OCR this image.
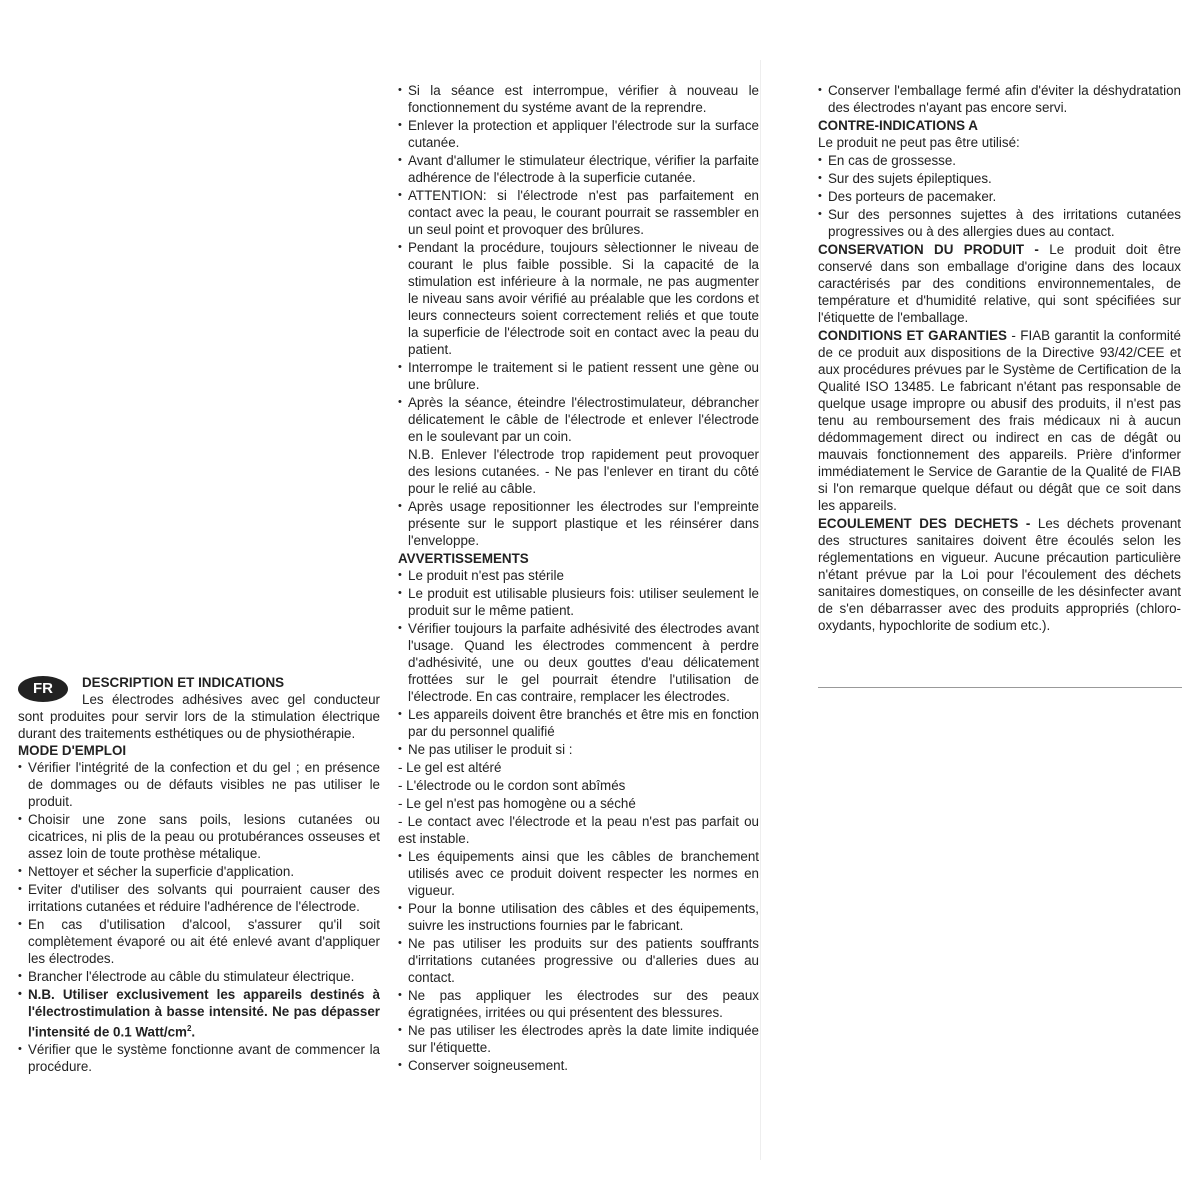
FR	DESCRIPTION ET INDICATIONS

Les électrodes adhésives avec gel conducteur sont produites pour servir lors de la stimulation électrique durant des traitements esthétiques ou de physiothérapie.

MODE D'EMPLOI
• Vérifier l'intégrité de la confection et du gel ; en présence de dommages ou de défauts visibles ne pas utiliser le produit.
• Choisir une zone sans poils, lesions cutanées ou cicatrices, ni plis de la peau ou protubérances osseuses et assez loin de toute prothèse métalique.
• Nettoyer et sécher la superficie d'application.
• Eviter d'utiliser des solvants qui pourraient causer des irritations cutanées et réduire l'adhérence de l'électrode.
• En cas d'utilisation d'alcool, s'assurer qu'il soit complètement évaporé ou ait été enlevé avant d'appliquer les électrodes.
• Brancher l'électrode au câble du stimulateur électrique.
• N.B. Utiliser exclusivement les appareils destinés à l'électrostimulation à basse intensité. Ne pas dépasser l'intensité de 0.1 Watt/$cm^2$.
• Vérifier que le système fonctionne avant de commencer la procédure.
• Si la séance est interrompue, vérifier à nouveau le fonctionnement du systéme avant de la reprendre.
• Enlever la protection et appliquer l'électrode sur la surface cutanée.
• Avant d'allumer le stimulateur électrique, vérifier la parfaite adhérence de l'électrode à la superficie cutanée.
• ATTENTION: si l'électrode n'est pas parfaitement en contact avec la peau, le courant pourrait se rassembler en un seul point et provoquer des brûlures.
• Pendant la procédure, toujours sèlectionner le niveau de courant le plus faible possible. Si la capacité de la stimulation est inférieure à la normale, ne pas augmenter le niveau sans avoir vérifié au préalable que les cordons et leurs connecteurs soient correctement reliés et que toute la superficie de l'électrode soit en contact avec la peau du patient.
• Interrompe le traitement si le patient ressent une gène ou une brûlure.
• Après la séance, éteindre l'électrostimulateur, débrancher délicatement le câble de l'électrode et enlever l'électrode en le soulevant par un coin.
N.B. Enlever l'électrode trop rapidement peut provoquer des lesions cutanées. - Ne pas l'enlever en tirant du côté pour le relié au câble.
• Après usage repositionner les électrodes sur l'empreinte présente sur le support plastique et les réinsérer dans l'enveloppe.
AVVERTISSEMENTS
• Le produit n'est pas stérile
• Le produit est utilisable plusieurs fois: utiliser seulement le produit sur le même patient.
• Vérifier toujours la parfaite adhésivité des électrodes avant l'usage. Quand les électrodes commencent à perdre d'adhésivité, une ou deux gouttes d'eau délicatement frottées sur le gel pourrait étendre l'utilisation de l'électrode. En cas contraire, remplacer les électrodes.
• Les appareils doivent être branchés et être mis en fonction par du personnel qualifié
• Ne pas utiliser le produit si :
- Le gel est altéré
- L'électrode ou le cordon sont abîmés
- Le gel n'est pas homogène ou a séché
- Le contact avec l'électrode et la peau n'est pas parfait ou est instable.
• Les équipements ainsi que les câbles de branchement utilisés avec ce produit doivent respecter les normes en vigueur.
• Pour la bonne utilisation des câbles et des équipements, suivre les instructions fournies par le fabricant.
• Ne pas utiliser les produits sur des patients souffrants d'irritations cutanées progressive ou d'alleries dues au contact.
• Ne pas appliquer les électrodes sur des peaux égratignées, irritées ou qui présentent des blessures.
• Ne pas utiliser les électrodes après la date limite indiquée sur l'étiquette.
• Conserver soigneusement.
• Conserver l'emballage fermé afin d'éviter la déshydratation des électrodes n'ayant pas encore servi.
CONTRE-INDICATIONS A
Le produit ne peut pas être utilisé:
• En cas de grossesse.
• Sur des sujets épileptiques.
• Des porteurs de pacemaker.
• Sur des personnes sujettes à des irritations cutanées progressives ou à des allergies dues au contact.
CONSERVATION DU PRODUIT - Le produit doit être conservé dans son emballage d'origine dans des locaux caractérisés par des conditions environnementales, de température et d'humidité relative, qui sont spécifiées sur l'étiquette de l'emballage.
CONDITIONS ET GARANTIES - FIAB garantit la conformité de ce produit aux dispositions de la Directive 93/42/CEE et aux procédures prévues par le Système de Certification de la Qualité ISO 13485. Le fabricant n'étant pas responsable de quelque usage impropre ou abusif des produits, il n'est pas tenu au remboursement des frais médicaux ni à aucun dédommagement direct ou indirect en cas de dégât ou mauvais fonctionnement des appareils. Prière d'informer immédiatement le Service de Garantie de la Qualité de FIAB si l'on remarque quelque défaut ou dégât que ce soit dans les appareils.
ECOULEMENT DES DECHETS - Les déchets provenant des structures sanitaires doivent être écoulés selon les réglementations en vigueur. Aucune précaution particulière n'étant prévue par la Loi pour l'écoulement des déchets sanitaires domestiques, on conseille de les désinfecter avant de s'en débarrasser avec des produits appropriés (chloro-oxydants, hypochlorite de sodium etc.).
